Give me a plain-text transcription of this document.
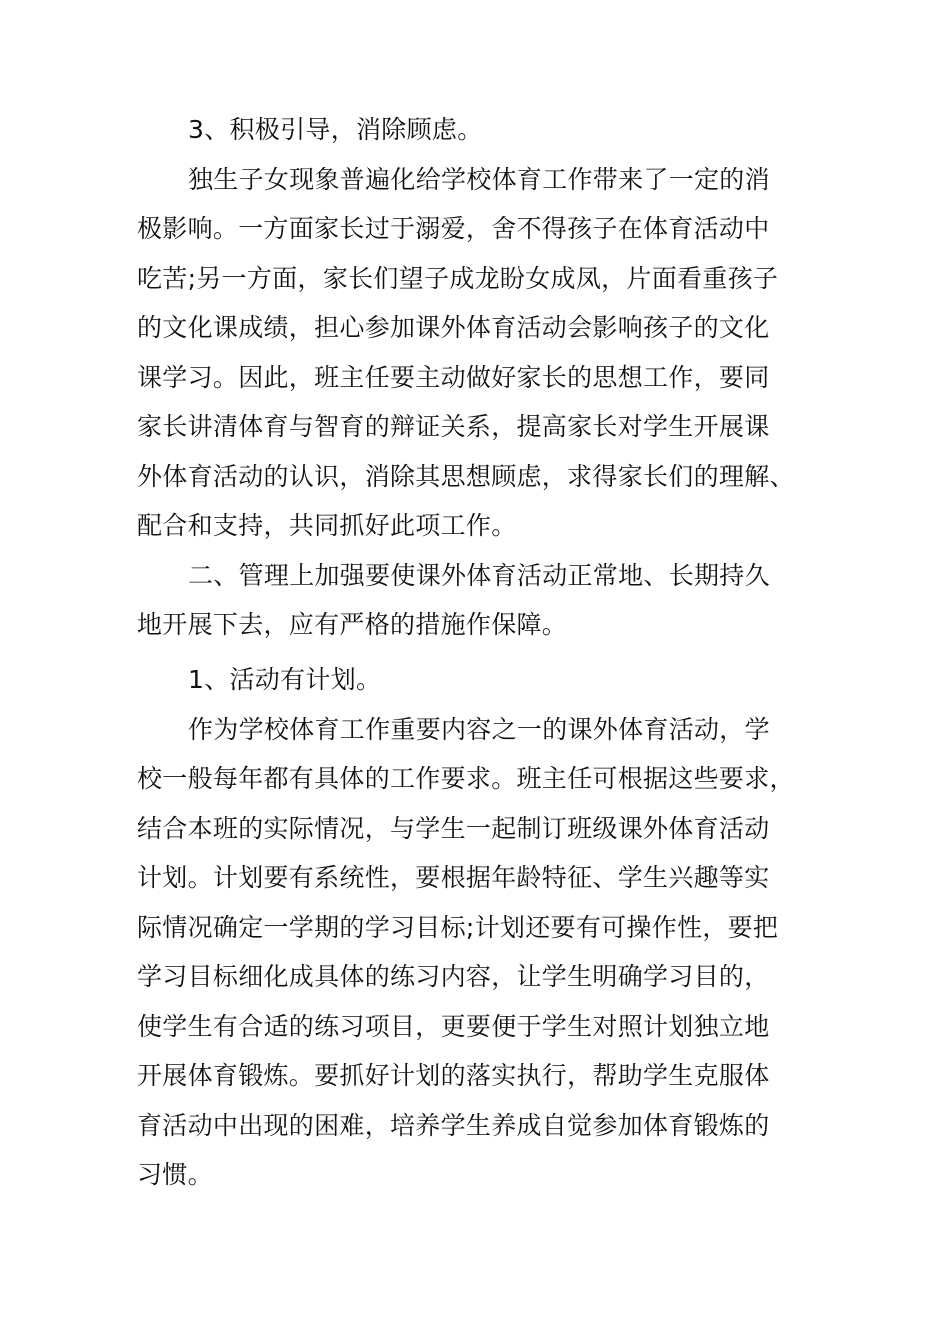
3、积极引导，消除顾虑。
独生子女现象普遍化给学校体育工作带来了一定的消
极影响。一方面家长过于溺爱，舍不得孩子在体育活动中
吃苦;另一方面，家长们望子成龙盼女成凤，片面看重孩子
的文化课成绩，担心参加课外体育活动会影响孩子的文化
课学习。因此，班主任要主动做好家长的思想工作，要同
家长讲清体育与智育的辩证关系，提高家长对学生开展课
外体育活动的认识，消除其思想顾虑，求得家长们的理解、
配合和支持，共同抓好此项工作。
二、管理上加强要使课外体育活动正常地、长期持久
地开展下去，应有严格的措施作保障。
1、活动有计划。
作为学校体育工作重要内容之一的课外体育活动，学
校一般每年都有具体的工作要求。班主任可根据这些要求，
结合本班的实际情况，与学生一起制订班级课外体育活动
计划。计划要有系统性，要根据年龄特征、学生兴趣等实
际情况确定一学期的学习目标;计划还要有可操作性，要把
学习目标细化成具体的练习内容，让学生明确学习目的，
使学生有合适的练习项目，更要便于学生对照计划独立地
开展体育锻炼。要抓好计划的落实执行，帮助学生克服体
育活动中出现的困难，培养学生养成自觉参加体育锻炼的
习惯。
